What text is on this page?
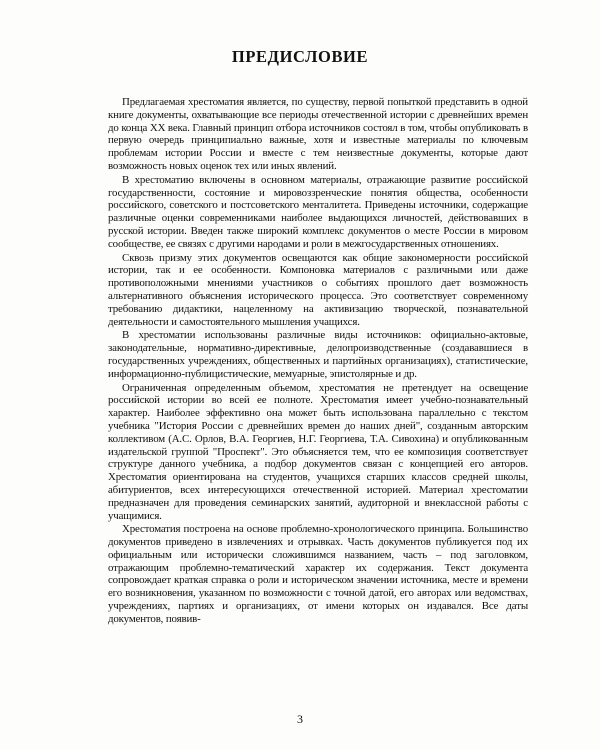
ПРЕДИСЛОВИЕ

Предлагаемая хрестоматия является, по существу, первой попыткой представить в одной книге документы, охватывающие все периоды отечественной истории с древнейших времен до конца XX века. Главный принцип отбора источников состоял в том, чтобы опубликовать в первую очередь принципиально важные, хотя и известные материалы по ключевым проблемам истории России и вместе с тем неизвестные документы, которые дают возможность новых оценок тех или иных явлений.

В хрестоматию включены в основном материалы, отражающие развитие российской государственности, состояние и мировоззренческие понятия общества, особенности российского, советского и постсоветского менталитета. Приведены источники, содержащие различные оценки современниками наиболее выдающихся личностей, действовавших в русской истории. Введен также широкий комплекс документов о месте России в мировом сообществе, ее связях с другими народами и роли в межгосударственных отношениях.

Сквозь призму этих документов освещаются как общие закономерности российской истории, так и ее особенности. Компоновка материалов с различными или даже противоположными мнениями участников о событиях прошлого дает возможность альтернативного объяснения исторического процесса. Это соответствует современному требованию дидактики, нацеленному на активизацию творческой, познавательной деятельности и самостоятельного мышления учащихся.

В хрестоматии использованы различные виды источников: официально-актовые, законодательные, нормативно-директивные, делопроизводственные (создававшиеся в государственных учреждениях, общественных и партийных организациях), статистические, информационно-публицистические, мемуарные, эпистолярные и др.

Ограниченная определенным объемом, хрестоматия не претендует на освещение российской истории во всей ее полноте. Хрестоматия имеет учебно-познавательный характер. Наиболее эффективно она может быть использована параллельно с текстом учебника "История России с древнейших времен до наших дней", созданным авторским коллективом (А.С. Орлов, В.А. Георгиев, Н.Г. Георгиева, Т.А. Сивохина) и опубликованным издательской группой "Проспект". Это объясняется тем, что ее композиция соответствует структуре данного учебника, а подбор документов связан с концепцией его авторов. Хрестоматия ориентирована на студентов, учащихся старших классов средней школы, абитуриентов, всех интересующихся отечественной историей. Материал хрестоматии предназначен для проведения семинарских занятий, аудиторной и внеклассной работы с учащимися.

Хрестоматия построена на основе проблемно-хронологического принципа. Большинство документов приведено в извлечениях и отрывках. Часть документов публикуется под их официальным или исторически сложившимся названием, часть – под заголовком, отражающим проблемно-тематический характер их содержания. Текст документа сопровождает краткая справка о роли и историческом значении источника, месте и времени его возникновения, указанном по возможности с точной датой, его авторах или ведомствах, учреждениях, партиях и организациях, от имени которых он издавался. Все даты документов, появив-

3
